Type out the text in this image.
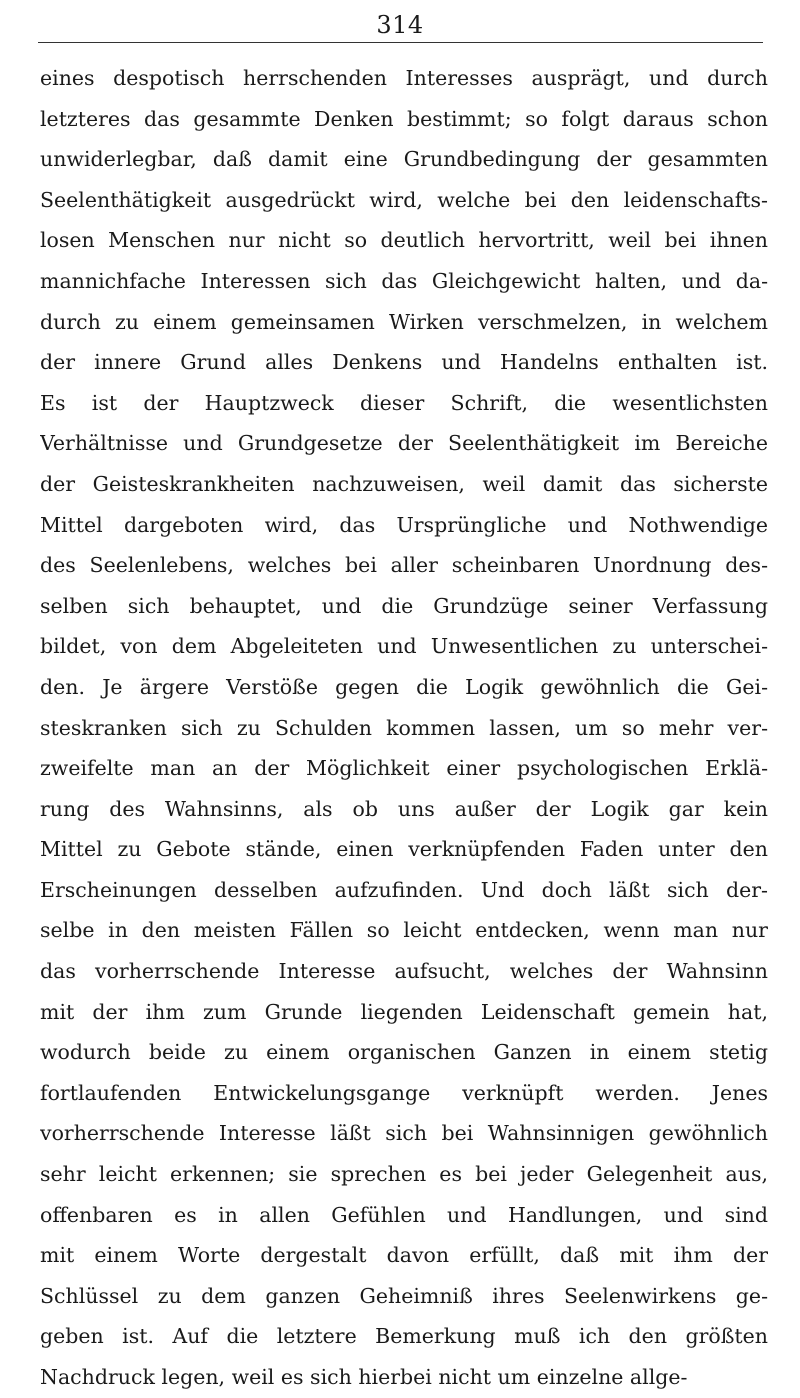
314
eines despotisch herrschenden Interesses ausprägt, und durch
letzteres das gesammte Denken bestimmt; so folgt daraus schon
unwiderlegbar, daß damit eine Grundbedingung der gesammten
Seelenthätigkeit ausgedrückt wird, welche bei den leidenschafts-
losen Menschen nur nicht so deutlich hervortritt, weil bei ihnen
mannichfache Interessen sich das Gleichgewicht halten, und da-
durch zu einem gemeinsamen Wirken verschmelzen, in welchem
der innere Grund alles Denkens und Handelns enthalten ist.
Es ist der Hauptzweck dieser Schrift, die wesentlichsten
Verhältnisse und Grundgesetze der Seelenthätigkeit im Bereiche
der Geisteskrankheiten nachzuweisen, weil damit das sicherste
Mittel dargeboten wird, das Ursprüngliche und Nothwendige
des Seelenlebens, welches bei aller scheinbaren Unordnung des-
selben sich behauptet, und die Grundzüge seiner Verfassung
bildet, von dem Abgeleiteten und Unwesentlichen zu unterschei-
den. Je ärgere Verstöße gegen die Logik gewöhnlich die Gei-
steskranken sich zu Schulden kommen lassen, um so mehr ver-
zweifelte man an der Möglichkeit einer psychologischen Erklä-
rung des Wahnsinns, als ob uns außer der Logik gar kein
Mittel zu Gebote stände, einen verknüpfenden Faden unter den
Erscheinungen desselben aufzufinden. Und doch läßt sich der-
selbe in den meisten Fällen so leicht entdecken, wenn man nur
das vorherrschende Interesse aufsucht, welches der Wahnsinn
mit der ihm zum Grunde liegenden Leidenschaft gemein hat,
wodurch beide zu einem organischen Ganzen in einem stetig
fortlaufenden Entwickelungsgange verknüpft werden. Jenes
vorherrschende Interesse läßt sich bei Wahnsinnigen gewöhnlich
sehr leicht erkennen; sie sprechen es bei jeder Gelegenheit aus,
offenbaren es in allen Gefühlen und Handlungen, und sind
mit einem Worte dergestalt davon erfüllt, daß mit ihm der
Schlüssel zu dem ganzen Geheimniß ihres Seelenwirkens ge-
geben ist. Auf die letztere Bemerkung muß ich den größten
Nachdruck legen, weil es sich hierbei nicht um einzelne allge-
